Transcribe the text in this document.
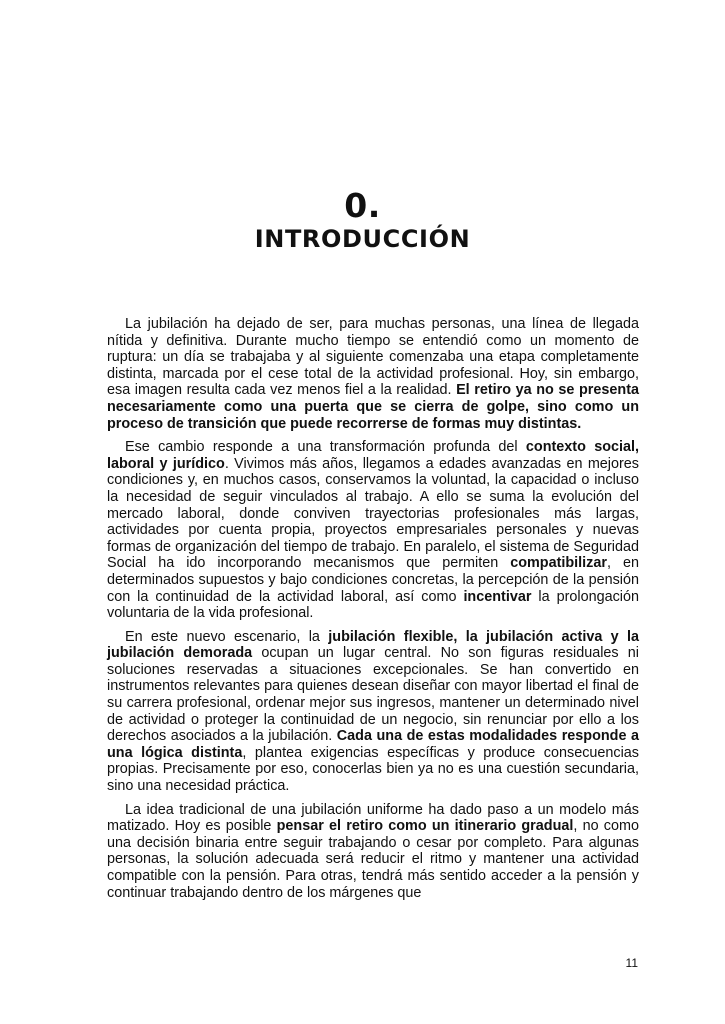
0.
INTRODUCCIÓN

La jubilación ha dejado de ser, para muchas personas, una línea de llegada nítida y definitiva. Durante mucho tiempo se entendió como un momento de ruptura: un día se trabajaba y al siguiente comenzaba una etapa completamente distinta, marcada por el cese total de la actividad profesional. Hoy, sin embargo, esa imagen resulta cada vez menos fiel a la realidad. El retiro ya no se presenta necesariamente como una puerta que se cierra de golpe, sino como un proceso de transición que puede recorrerse de formas muy distintas.

Ese cambio responde a una transformación profunda del contexto social, laboral y jurídico. Vivimos más años, llegamos a edades avanzadas en mejores condiciones y, en muchos casos, conservamos la voluntad, la capacidad o incluso la necesidad de seguir vinculados al trabajo. A ello se suma la evolución del mercado laboral, donde conviven trayectorias profesionales más largas, actividades por cuenta propia, proyectos empresariales personales y nuevas formas de organización del tiempo de trabajo. En paralelo, el sistema de Seguridad Social ha ido incorporando mecanismos que permiten compatibilizar, en determinados supuestos y bajo condiciones concretas, la percepción de la pensión con la continuidad de la actividad laboral, así como incentivar la prolongación voluntaria de la vida profesional.

En este nuevo escenario, la jubilación flexible, la jubilación activa y la jubilación demorada ocupan un lugar central. No son figuras residuales ni soluciones reservadas a situaciones excepcionales. Se han convertido en instrumentos relevantes para quienes desean diseñar con mayor libertad el final de su carrera profesional, ordenar mejor sus ingresos, mantener un determinado nivel de actividad o proteger la continuidad de un negocio, sin renunciar por ello a los derechos asociados a la jubilación. Cada una de estas modalidades responde a una lógica distinta, plantea exigencias específicas y produce consecuencias propias. Precisamente por eso, conocerlas bien ya no es una cuestión secundaria, sino una necesidad práctica.

La idea tradicional de una jubilación uniforme ha dado paso a un modelo más matizado. Hoy es posible pensar el retiro como un itinerario gradual, no como una decisión binaria entre seguir trabajando o cesar por completo. Para algunas personas, la solución adecuada será reducir el ritmo y mantener una actividad compatible con la pensión. Para otras, tendrá más sentido acceder a la pensión y continuar trabajando dentro de los márgenes que

11
